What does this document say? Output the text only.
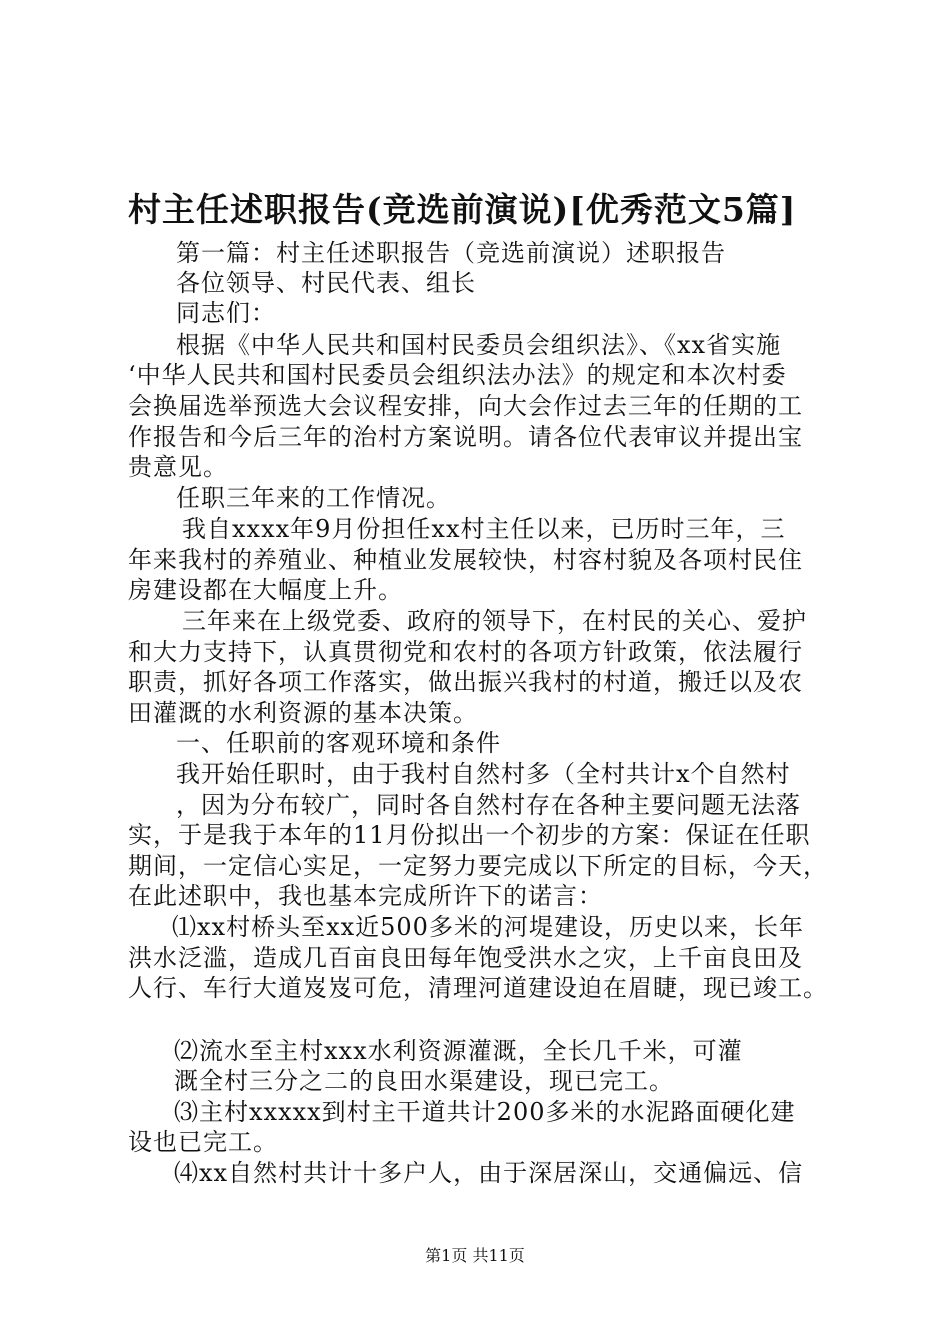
村主任述职报告(竞选前演说)[优秀范文5篇]
第一篇：村主任述职报告（竞选前演说）述职报告
各位领导、村民代表、组长
同志们：
根据《中华人民共和国村民委员会组织法》、《xx省实施
‘中华人民共和国村民委员会组织法办法》的规定和本次村委
会换届选举预选大会议程安排，向大会作过去三年的任期的工
作报告和今后三年的治村方案说明。请各位代表审议并提出宝
贵意见。
任职三年来的工作情况。
我自xxxx年9月份担任xx村主任以来，已历时三年，三
年来我村的养殖业、种植业发展较快，村容村貌及各项村民住
房建设都在大幅度上升。
三年来在上级党委、政府的领导下，在村民的关心、爱护
和大力支持下，认真贯彻党和农村的各项方针政策，依法履行
职责，抓好各项工作落实，做出振兴我村的村道，搬迁以及农
田灌溉的水利资源的基本决策。
一、任职前的客观环境和条件
我开始任职时，由于我村自然村多（全村共计x个自然村
，因为分布较广，同时各自然村存在各种主要问题无法落
实，于是我于本年的11月份拟出一个初步的方案：保证在任职
期间，一定信心实足，一定努力要完成以下所定的目标，今天，
在此述职中，我也基本完成所许下的诺言：
⑴xx村桥头至xx近500多米的河堤建设，历史以来，长年
洪水泛滥，造成几百亩良田每年饱受洪水之灾，上千亩良田及
人行、车行大道岌岌可危，清理河道建设迫在眉睫，现已竣工。
⑵流水至主村xxx水利资源灌溉，全长几千米，可灌
溉全村三分之二的良田水渠建设，现已完工。
⑶主村xxxxx到村主干道共计200多米的水泥路面硬化建
设也已完工。
⑷xx自然村共计十多户人，由于深居深山，交通偏远、信
第1页 共11页
